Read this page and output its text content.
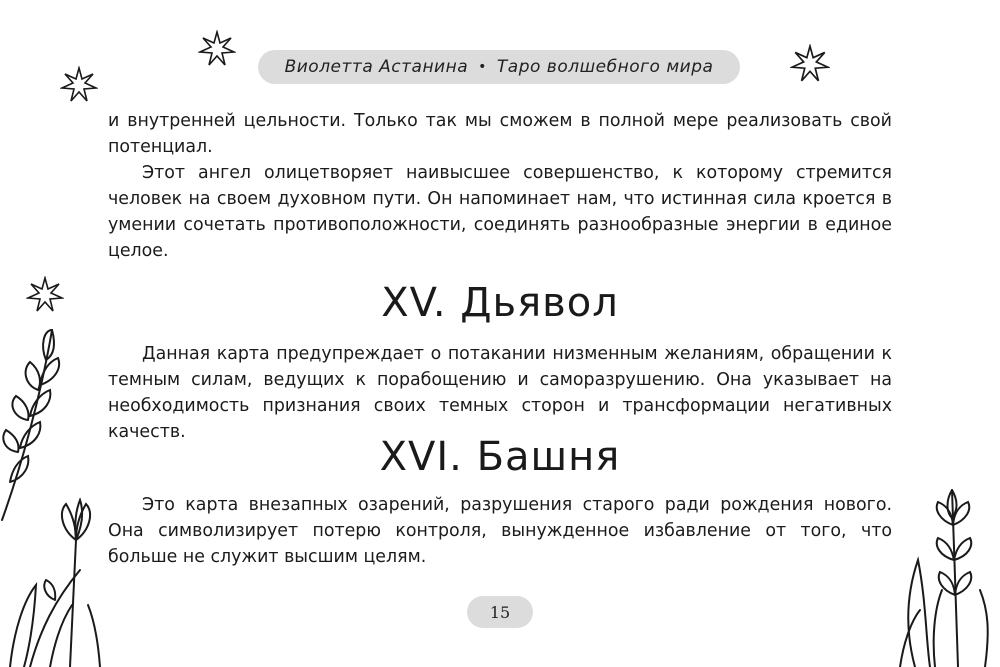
Виолетта Астанина • Таро волшебного мира

и внутренней цельности. Только так мы сможем в полной мере реализовать свой потенциал.

Этот ангел олицетворяет наивысшее совершенство, к которому стремится человек на своем духовном пути. Он напоминает нам, что истинная сила кроется в умении сочетать противоположности, соединять разнообразные энергии в единое целое.

XV. Дьявол

Данная карта предупреждает о потакании низменным желаниям, обращении к темным силам, ведущих к порабощению и саморазрушению. Она указывает на необходимость признания своих темных сторон и трансформации негативных качеств.

XVI. Башня

Это карта внезапных озарений, разрушения старого ради рождения нового. Она символизирует потерю контроля, вынужденное избавление от того, что больше не служит высшим целям.

15
